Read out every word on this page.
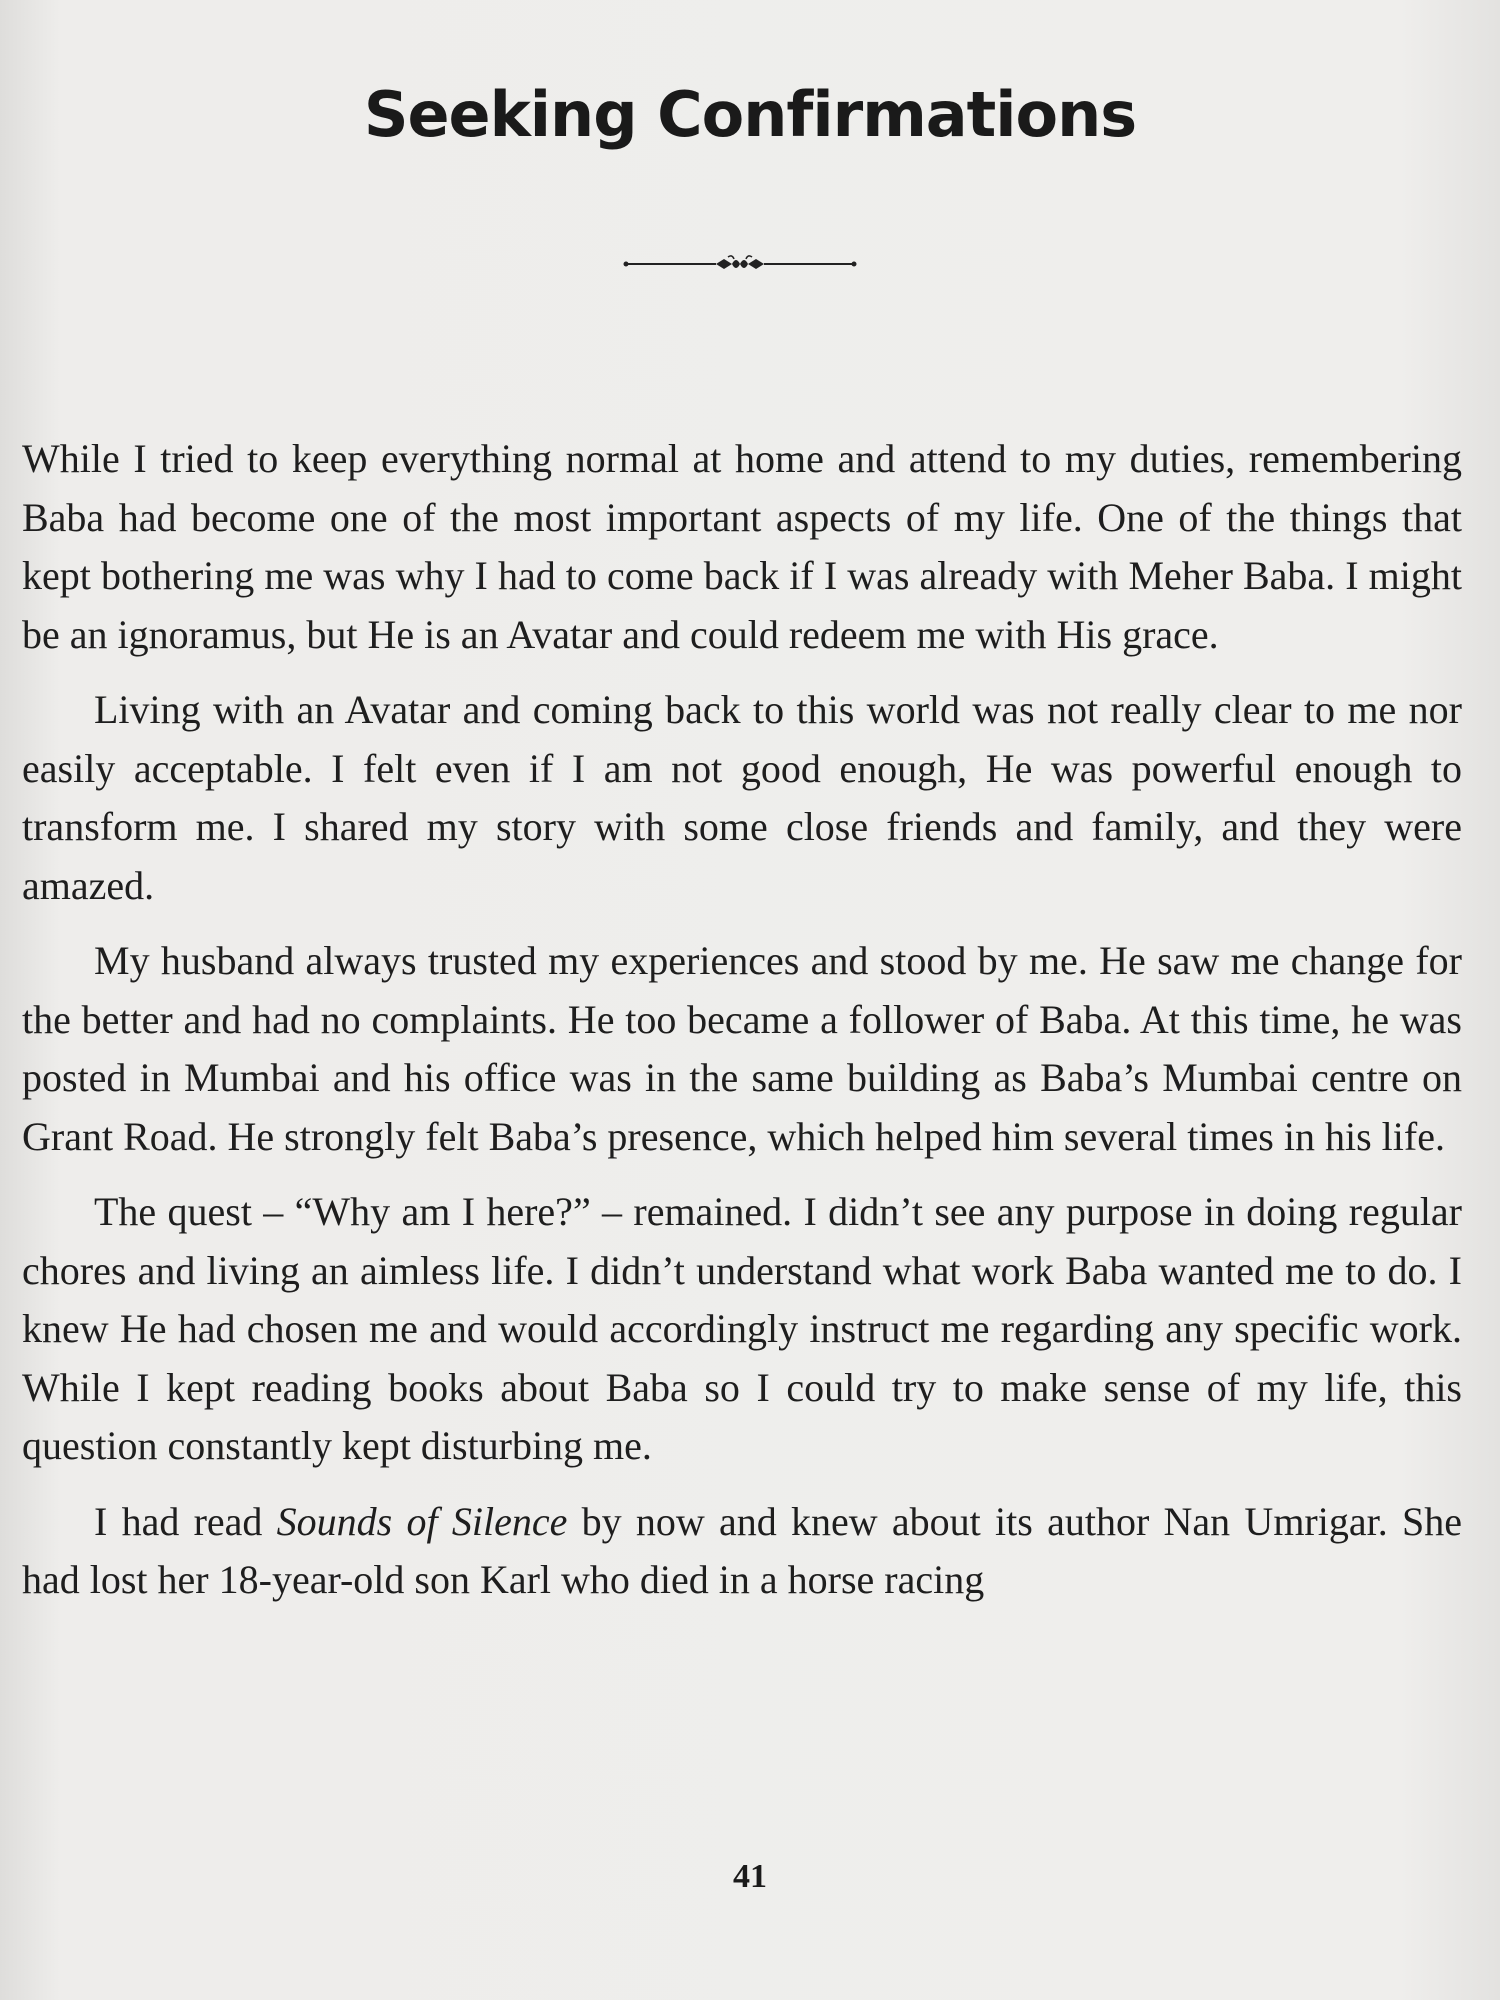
Seeking Confirmations

While I tried to keep everything normal at home and attend to my duties, remembering Baba had become one of the most important aspects of my life. One of the things that kept bothering me was why I had to come back if I was already with Meher Baba. I might be an ignoramus, but He is an Avatar and could redeem me with His grace.

Living with an Avatar and coming back to this world was not really clear to me nor easily acceptable. I felt even if I am not good enough, He was powerful enough to transform me. I shared my story with some close friends and family, and they were amazed.

My husband always trusted my experiences and stood by me. He saw me change for the better and had no complaints. He too became a follower of Baba. At this time, he was posted in Mumbai and his office was in the same building as Baba’s Mumbai centre on Grant Road. He strongly felt Baba’s presence, which helped him several times in his life.

The quest – “Why am I here?” – remained. I didn’t see any purpose in doing regular chores and living an aimless life. I didn’t understand what work Baba wanted me to do. I knew He had chosen me and would accordingly instruct me regarding any specific work. While I kept reading books about Baba so I could try to make sense of my life, this question constantly kept disturbing me.

I had read Sounds of Silence by now and knew about its author Nan Umrigar. She had lost her 18-year-old son Karl who died in a horse racing

41
